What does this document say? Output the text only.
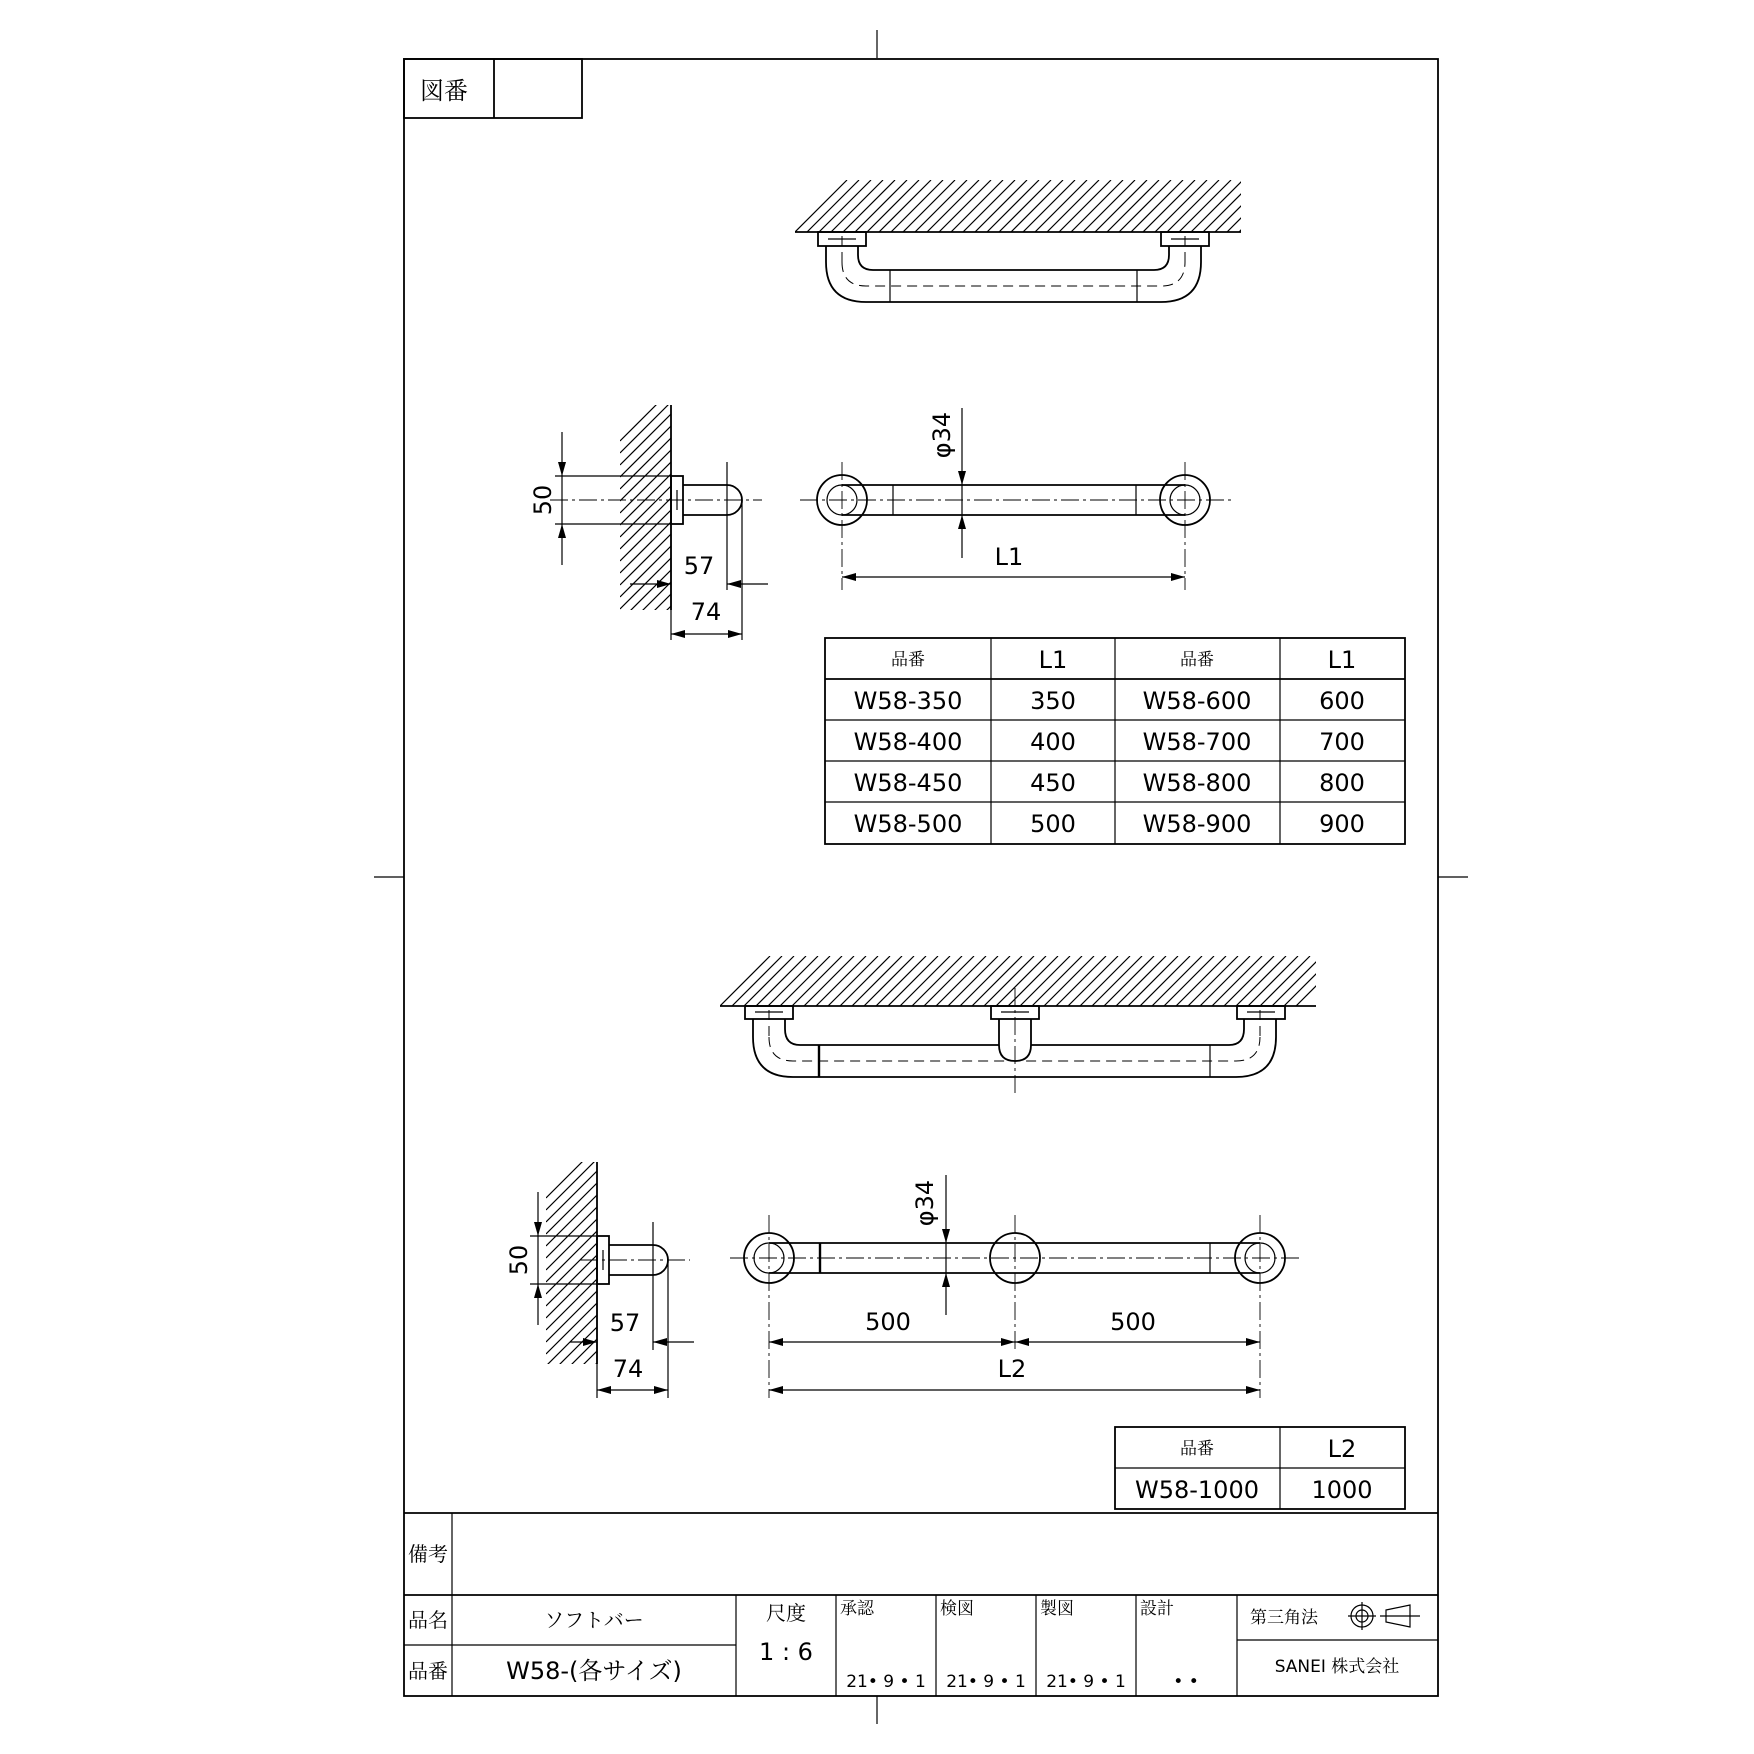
図番
50
57
74
φ34
L1
品番	L1	品番	L1
W58-350	350	W58-600	600
W58-400	400	W58-700	700
W58-450	450	W58-800	800
W58-500	500	W58-900	900
50
57
74
φ34
500	500
L2
品番	L2
W58-1000 1000
備考
品名	ソフトバー
品番 W58-(各サイズ)
尺度
1 : 6
承認
21• 9 • 1
検図
21• 9 • 1
製図
21• 9 • 1
設計
• •
第三角法
SANEI 株式会社
